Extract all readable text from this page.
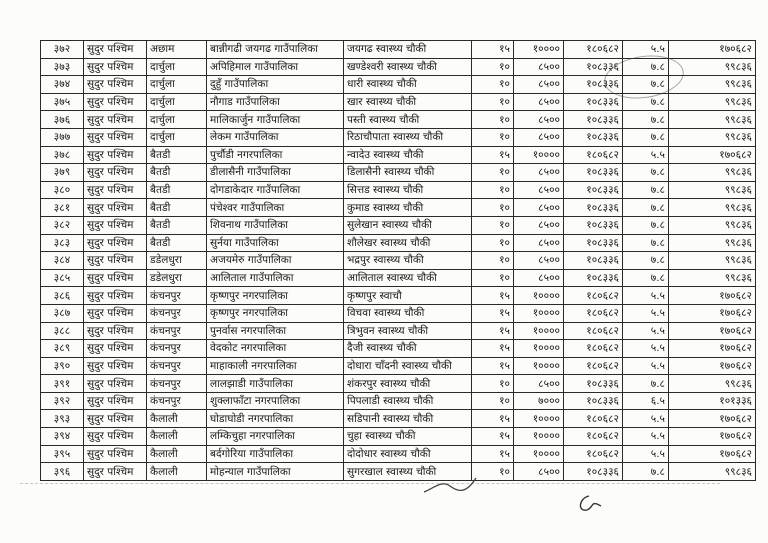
३७२	सुदुर पश्चिम	अछाम	बान्नीगढी जयगढ गाउँपालिका	जयगढ स्वास्थ्य चौकी	१५	१००००	१८०६८२	५.५	१७०६८२
३७३	सुदुर पश्चिम	दार्चुला	अपिहिमाल गाउँपालिका	खण्डेश्वरी स्वास्थ्य चौकी	१०	८५००	१०८३३६	७.८	९९८३६
३७४	सुदुर पश्चिम	दार्चुला	दुहुँ गाउँपालिका	धारी स्वास्थ्य चौकी	१०	८५००	१०८३३६	७.८	९९८३६
३७५	सुदुर पश्चिम	दार्चुला	नौगाड गाउँपालिका	खार स्वास्थ्य चौकी	१०	८५००	१०८३३६	७.८	९९८३६
३७६	सुदुर पश्चिम	दार्चुला	मालिकार्जुन गाउँपालिका	पस्ती स्वास्थ्य चौकी	१०	८५००	१०८३३६	७.८	९९८३६
३७७	सुदुर पश्चिम	दार्चुला	लेकम गाउँपालिका	रिठाचौपाता स्वास्थ्य चौकी	१०	८५००	१०८३३६	७.८	९९८३६
३७८	सुदुर पश्चिम	बैतडी	पुर्चौडी नगरपालिका	न्वादेउ स्वास्थ्य चौकी	१५	१००००	१८०६८२	५.५	१७०६८२
३७९	सुदुर पश्चिम	बैतडी	डीलासैनी गाउँपालिका	डिलासैनी स्वास्थ्य चौकी	१०	८५००	१०८३३६	७.८	९९८३६
३८०	सुदुर पश्चिम	बैतडी	दोगडाकेदार गाउँपालिका	सित्तड स्वास्थ्य चौकी	१०	८५००	१०८३३६	७.८	९९८३६
३८१	सुदुर पश्चिम	बैतडी	पंचेश्वर गाउँपालिका	कुमाड स्वास्थ्य चौकी	१०	८५००	१०८३३६	७.८	९९८३६
३८२	सुदुर पश्चिम	बैतडी	शिवनाथ गाउँपालिका	सुलेखान स्वास्थ्य चौकी	१०	८५००	१०८३३६	७.८	९९८३६
३८३	सुदुर पश्चिम	बैतडी	सुर्नया गाउँपालिका	शौलेखर स्वास्थ्य चौकी	१०	८५००	१०८३३६	७.८	९९८३६
३८४	सुदुर पश्चिम	डडेलधुरा	अजयमेरु गाउँपालिका	भद्रपुर स्वास्थ्य चौकी	१०	८५००	१०८३३६	७.८	९९८३६
३८५	सुदुर पश्चिम	डडेलधुरा	आलिताल गाउँपालिका	आलिताल स्वास्थ्य चौकी	१०	८५००	१०८३३६	७.८	९९८३६
३८६	सुदुर पश्चिम	कंचनपुर	कृष्णपुर नगरपालिका	कृष्णपुर स्वाचौ	१५	१००००	१८०६८२	५.५	१७०६८२
३८७	सुदुर पश्चिम	कंचनपुर	कृष्णपुर नगरपालिका	विचवा स्वास्थ्य चौकी	१५	१००००	१८०६८२	५.५	१७०६८२
३८८	सुदुर पश्चिम	कंचनपुर	पुनर्वास नगरपालिका	त्रिभुवन स्वास्थ्य चौकी	१५	१००००	१८०६८२	५.५	१७०६८२
३८९	सुदुर पश्चिम	कंचनपुर	वेदकोट नगरपालिका	देैजी स्वास्थ्य चौकी	१५	१००००	१८०६८२	५.५	१७०६८२
३९०	सुदुर पश्चिम	कंचनपुर	माहाकाली नगरपालिका	दोधारा चाँदनी स्वास्थ्य चौकी	१५	१००००	१८०६८२	५.५	१७०६८२
३९१	सुदुर पश्चिम	कंचनपुर	लालझाडी गाउँपालिका	शंकरपुर स्वास्थ्य चौकी	१०	८५००	१०८३३६	७.८	९९८३६
३९२	सुदुर पश्चिम	कंचनपुर	शुक्लाफाँटा नगरपालिका	पिपलाडी स्वास्थ्य चौकी	१०	७०००	१०८३३६	६.५	१०१३३६
३९३	सुदुर पश्चिम	कैलाली	घोडाघोडी नगरपालिका	सडिपानी स्वास्थ्य चौकी	१५	१००००	१८०६८२	५.५	१७०६८२
३९४	सुदुर पश्चिम	कैलाली	लम्किचुहा नगरपालिका	चुहा स्वास्थ्य चौकी	१५	१००००	१८०६८२	५.५	१७०६८२
३९५	सुदुर पश्चिम	कैलाली	बर्दगोरिया गाउँपालिका	दोदोधार स्वास्थ्य चौकी	१५	१००००	१८०६८२	५.५	१७०६८२
३९६	सुदुर पश्चिम	कैलाली	मोहन्याल गाउँपालिका	सुगरखाल स्वास्थ्य चौकी	१०	८५००	१०८३३६	७.८	९९८३६
